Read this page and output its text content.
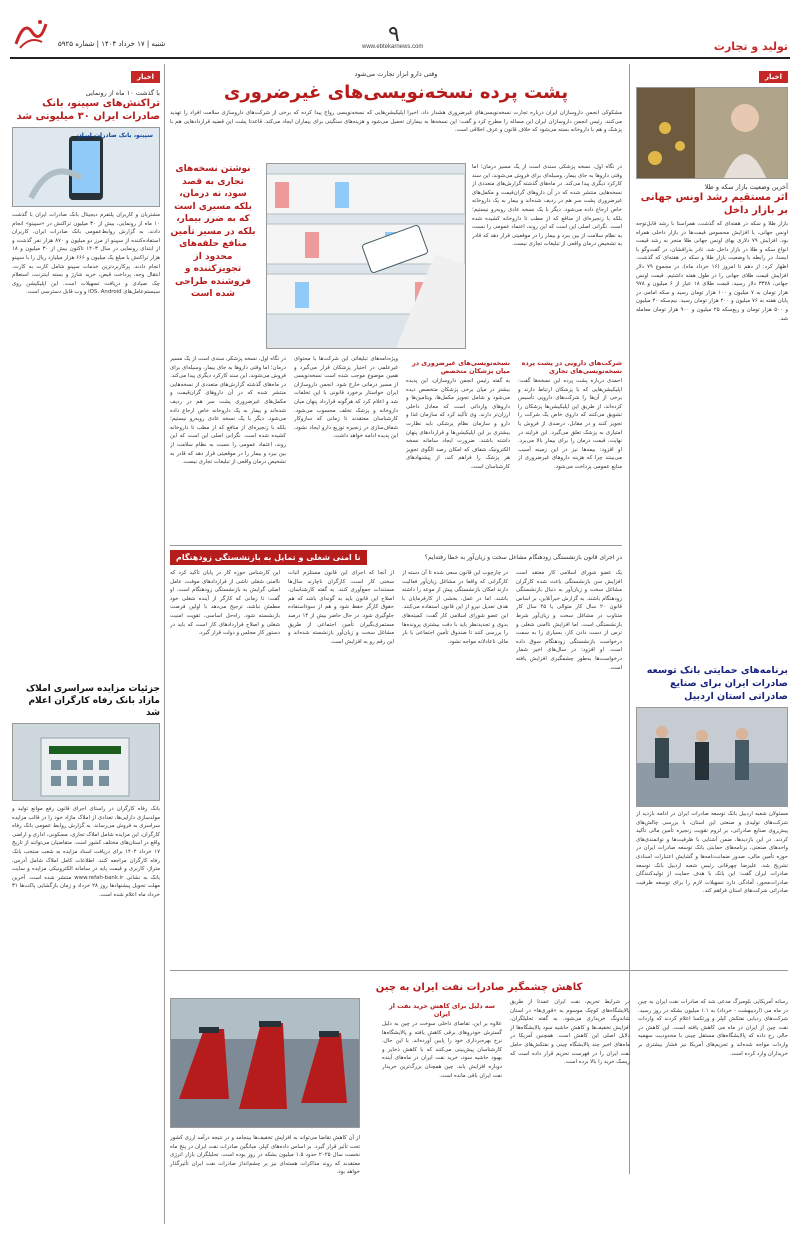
شنبه | ۱۷ خرداد ۱۴۰۴ | شماره ۵۹۲۵	۹
www.ebtekarnews.com	تولید و تجارت
اخبار
آخرین وضعیت بازار سکه و طلا
اثر مستقیم رشد اونس جهانی بر بازار داخل
بازار طلا و سکه در هفته‌ای که گذشت، همراستا با رشد قابل‌توجه اونس جهانی، با افزایش محسوس قیمت‌ها در بازار داخلی همراه بود. افزایش ۷۹ دلاری بهای اونس جهانی طلا منجر به رشد قیمت انواع سکه و طلا در بازار داخل شد. نادر بذرافشان، در گفت‌وگو با ایسنا، در رابطه با وضعیت بازار طلا و سکه در هفته‌ای که گذشت، اظهار کرد: از دهم تا امروز (۱۶ خرداد ماه)، در مجموع ۷۹ دلار افزایش قیمت طلای جهانی را در طول هفته داشتیم. قیمت اونس جهانی، ۳۳۷۸ دلار رسید. قیمت طلای ۱۸ عیار از ۶ میلیون و ۹۷۸ هزار تومان به ۷ میلیون و ۱۰۰ هزار تومان رسید و سکه امامی در پایان هفته به ۷۶ میلیون و ۴۰۰ هزار تومان رسید. نیم‌سکه ۴۰ میلیون و ۵۰۰ هزار تومان و ربع‌سکه ۲۵ میلیون و ۹۰۰ هزار تومان معامله شد.
برنامه‌های حمایتی بانک توسعه صادرات ایران برای صنایع صادراتی استان اردبیل
مسئولان شعبه اردبیل بانک توسعه صادرات ایران در ادامه بازدید از شرکت‌های تولیدی و صنعتی این استان، با بررسی چالش‌های پیش‌روی صنایع صادراتی، بر لزوم تقویت زنجیره تأمین مالی تأکید کردند. در این بازدیدها، ضمن آشنایی با ظرفیت‌ها و توانمندی‌های واحدهای صنعتی، برنامه‌های حمایتی بانک توسعه صادرات ایران در حوزه تأمین مالی، صدور ضمانت‌نامه‌ها و گشایش اعتبارات اسنادی تشریح شد. علیرضا چهرقانی رئیس شعبه اردبیل بانک توسعه صادرات ایران گفت: این بانک با هدف حمایت از تولیدکنندگان صادرات‌محور، آمادگی دارد تسهیلات لازم را برای توسعه ظرفیت صادراتی شرکت‌های استان فراهم کند.
اخبار
با گذشت ۱۰ ماه از رونمایی
تراکنش‌های سپینو، بانک صادرات ایران ۳۰ میلیونی شد
سپینو، بانک صادرات ایران
مشتریان و کاربران پلتفرم دیجیتال بانک صادرات ایران با گذشت ۱۰ ماه از رونمایی، بیش از ۳۰ میلیون تراکنش در «سپینو» انجام دادند. به گزارش روابط‌عمومی بانک صادرات ایران، کاربران استفاده‌کننده از سپینو از مرز دو میلیون و ۸۷۰ هزار نفر گذشت و از ابتدای رونمایی در سال ۱۴۰۳ تاکنون بیش از ۳۰ میلیون و ۱۸ هزار تراکنش با مبلغ یک میلیون و ۶۶۶ هزار میلیارد ریال را با سپینو انجام دادند. پرکاربردترین خدمات سپینو شامل کارت به کارت، انتقال وجه، پرداخت قبض، خرید شارژ و بسته اینترنت، استعلام چک صیادی و دریافت تسهیلات است. این اپلیکیشن روی سیستم‌عامل‌های iOS، Android و وب قابل دسترسی است.
جزئیات مزایده سراسری املاک مازاد بانک رفاه کارگران اعلام شد
بانک رفاه کارگران در راستای اجرای قانون رفع موانع تولید و مولدسازی دارایی‌ها، تعدادی از املاک مازاد خود را در قالب مزایده سراسری به فروش می‌رساند. به گزارش روابط عمومی بانک رفاه کارگران، این مزایده شامل املاک تجاری، مسکونی، اداری و اراضی واقع در استان‌های مختلف کشور است. متقاضیان می‌توانند از تاریخ ۱۷ خرداد ۱۴۰۴ برای دریافت اسناد مزایده به شعب منتخب بانک رفاه کارگران مراجعه کنند. اطلاعات کامل املاک شامل آدرس، متراژ، کاربری و قیمت پایه در سامانه الکترونیکی مزایده و سایت بانک به نشانی www.refah-bank.ir منتشر شده است. آخرین مهلت تحویل پیشنهادها روز ۲۸ خرداد و زمان بازگشایی پاکت‌ها ۳۱ خرداد ماه اعلام شده است.
وقتی دارو ابزار تجارت می‌شود
پشت پرده نسخه‌نویسی‌های غیرضروری
مشکوکی انجمن داروسازان ایران درباره تجارت نسخه‌نویسی‌های غیرضروری هشدار داد. اخیرا اپلیکیشن‌هایی که نسخه‌نویسی رواج پیدا کرده که برخی از شرکت‌های داروسازی سلامت افراد را تهدید می‌کنند. رئیس انجمن داروسازان ایران این مساله را مطرح کرد و گفت: این نسخه‌ها به بیماران تحمیل می‌شود و هزینه‌های سنگینی برای بیماران ایجاد می‌کند. قاعدتا پشت این قضیه قراردادهایی هم با پزشک و هم با داروخانه بسته می‌شود که خلاف قانون و عرف اخلاقی است.
در نگاه اول، نسخه پزشکی سندی است از یک مسیر درمان؛ اما وقتی داروها به جای بیمار، وسیله‌ای برای فروش می‌شوند، این سند کارکرد دیگری پیدا می‌کند. در ماه‌های گذشته گزارش‌های متعددی از نسخه‌هایی منتشر شده که در آن داروهای گران‌قیمت و مکمل‌های غیرضروری پشت سر هم در ردیف شده‌اند و بیمار به یک داروخانه خاص ارجاع داده می‌شود. دیگر با یک نسخه عادی روبه‌رو نیستیم؛ بلکه با زنجیره‌ای از منافع که از مطب تا داروخانه کشیده شده است. نگرانی اصلی این است که این روند، اعتماد عمومی را نسبت به نظام سلامت از بین ببرد و بیمار را در موقعیتی قرار دهد که قادر به تشخیص درمان واقعی از تبلیغات تجاری نیست.
نوشتن نسخه‌های تجاری به قصد سود، نه درمان، بلکه مسیری است که به ضرر بیمار، بلکه در مسیر تأمین منافع حلقه‌های محدود از تجویزکننده و فروشنده طراحی شده است
شرکت‌های دارویی در پشت پرده نسخه‌نویسی‌های تجاری
احمدی درباره پشت پرده این نسخه‌ها گفت: اپلیکیشن‌هایی که با پزشکان ارتباط دارند و برخی از آن‌ها را شرکت‌های دارویی تأسیس کرده‌اند، از طریق این اپلیکیشن‌ها پزشکان را تشویق می‌کنند که داروی خاص یک شرکت را تجویز کنند و در مقابل، درصدی از فروش یا امتیازی به پزشک تعلق می‌گیرد. این فرایند در نهایت، قیمت درمان را برای بیمار بالا می‌برد. او افزود: بیمه‌ها نیز در این زمینه آسیب می‌بینند چرا که هزینه داروهای غیرضروری از منابع عمومی پرداخت می‌شود.
نسخه‌نویسی‌های غیرضروری در میان پزشکان متخصص
به گفته رئیس انجمن داروسازان، این پدیده بیشتر در میان برخی پزشکان متخصص دیده می‌شود و شامل تجویز مکمل‌ها، ویتامین‌ها و داروهای وارداتی است که معادل داخلی ارزان‌تر دارند. وی تأکید کرد که سازمان غذا و دارو و سازمان نظام پزشکی باید نظارت بیشتری بر این اپلیکیشن‌ها و قراردادهای پنهان داشته باشند. ضرورت ایجاد سامانه نسخه الکترونیک شفاف که امکان رصد الگوی تجویز هر پزشک را فراهم کند، از پیشنهادهای کارشناسان است.
ویژه‌نامه‌های تبلیغاتی این شرکت‌ها با محتوای غیرعلمی در اختیار پزشکان قرار می‌گیرد و همین موضوع موجب شده است نسخه‌نویسی از مسیر درمانی خارج شود. انجمن داروسازان ایران خواستار برخورد قانونی با این تخلفات شد و اعلام کرد که هرگونه قرارداد پنهان میان داروخانه و پزشک تخلف محسوب می‌شود. کارشناسان معتقدند تا زمانی که سازوکار شفاف‌سازی در زنجیره توزیع دارو ایجاد نشود، این پدیده ادامه خواهد داشت.
در نگاه اول، نسخه پزشکی سندی است از یک مسیر درمان؛ اما وقتی داروها به جای بیمار، وسیله‌ای برای فروش می‌شوند، این سند کارکرد دیگری پیدا می‌کند. در ماه‌های گذشته گزارش‌های متعددی از نسخه‌هایی منتشر شده که در آن داروهای گران‌قیمت و مکمل‌های غیرضروری پشت سر هم در ردیف شده‌اند و بیمار به یک داروخانه خاص ارجاع داده می‌شود. دیگر با یک نسخه عادی روبه‌رو نیستیم؛ بلکه با زنجیره‌ای از منافع که از مطب تا داروخانه کشیده شده است. نگرانی اصلی این است که این روند، اعتماد عمومی را نسبت به نظام سلامت از بین ببرد و بیمار را در موقعیتی قرار دهد که قادر به تشخیص درمان واقعی از تبلیغات تجاری نیست.
در اجرای قانون بازنشستگی زودهنگام مشاغل سخت و زیان‌آور به خطا رفته‌ایم؟
نا امنی شغلی و تمایل به بازنشستگی زودهنگام
یک عضو شورای اسلامی کار معتقد است افزایش سن بازنشستگی باعث شده کارگران مشاغل سخت و زیان‌آور به دنبال بازنشستگی زودهنگام باشند. به گزارش خبرآنلاین، بر اساس قانون ۲۰ سال کار متوالی یا ۲۵ سال کار متناوب در مشاغل سخت و زیان‌آور شرط بازنشستگی است. اما افزایش ناامنی شغلی و ترس از دست دادن کار، بسیاری را به سمت درخواست بازنشستگی زودهنگام سوق داده است. او افزود: در سال‌های اخیر شمار درخواست‌ها به‌طور چشمگیری افزایش یافته است.
در چارچوب این قانون سعی شده تا آن دسته از کارگرانی که واقعا در مشاغل زیان‌آور فعالیت دارند امکان بازنشستگی پیش از موعد را داشته باشند. اما در عمل، بخشی از کارفرمایان با هدف تعدیل نیرو از این قانون استفاده می‌کنند. این عضو شورای اسلامی کار گفت: کمیته‌های بدوی و تجدیدنظر باید با دقت بیشتری پرونده‌ها را بررسی کنند تا صندوق تأمین اجتماعی با بار مالی ناعادلانه مواجه نشود.
از آنجا که اجرای این قانون مستلزم اثبات سختی کار است، کارگران ناچارند سال‌ها مستندات جمع‌آوری کنند. به گفته کارشناسان، اصلاح این قانون باید به گونه‌ای باشد که هم حقوق کارگر حفظ شود و هم از سوءاستفاده جلوگیری شود. در حال حاضر بیش از ۱۴ درصد مستمری‌بگیران تأمین اجتماعی از طریق مشاغل سخت و زیان‌آور بازنشسته شده‌اند و این رقم رو به افزایش است.
این کارشناس حوزه کار در پایان تأکید کرد که ناامنی شغلی ناشی از قراردادهای موقت، عامل اصلی گرایش به بازنشستگی زودهنگام است. او گفت: تا زمانی که کارگر از آینده شغلی خود مطمئن نباشد، ترجیح می‌دهد با اولین فرصت بازنشسته شود. راه‌حل اساسی، تقویت امنیت شغلی و اصلاح قراردادهای کار است که باید در دستور کار مجلس و دولت قرار گیرد.
کاهش چشمگیر صادرات نفت ایران به چین
رسانه آمریکایی بلومبرگ مدعی شد که صادرات نفت ایران به چین در ماه می (اردیبهشت - خرداد) به ۱.۱ میلیون بشکه در روز رسید. شرکت‌های ردیابی نفتکش کپلر و ورتکسا اعلام کردند که واردات نفت چین از ایران در ماه می کاهش یافته است. این کاهش در حالی رخ داده که پالایشگاه‌های مستقل چینی با محدودیت سهمیه واردات مواجه شده‌اند و تحریم‌های آمریکا نیز فشار بیشتری بر خریداران وارد کرده است.
در شرایط تحریم، نفت ایران عمدتا از طریق پالایشگاه‌های کوچک موسوم به «قوری‌ها» در استان شاندونگ خریداری می‌شود. به گفته تحلیلگران، افزایش تخفیف‌ها و کاهش حاشیه سود پالایشگاه‌ها از دلایل اصلی این کاهش است. همچنین آمریکا در ماه‌های اخیر چند پالایشگاه چینی و نفتکش‌های حامل نفت ایران را در فهرست تحریم قرار داده است که ریسک خرید را بالا برده است.
سه دلیل برای کاهش خرید نفت از ایران
علاوه بر این، تقاضای داخلی سوخت در چین به دلیل گسترش خودروهای برقی کاهش یافته و پالایشگاه‌ها نرخ بهره‌برداری خود را پایین آورده‌اند. با این حال، کارشناسان پیش‌بینی می‌کنند که با کاهش ذخایر و بهبود حاشیه سود، خرید نفت ایران در ماه‌های آینده دوباره افزایش یابد. چین همچنان بزرگ‌ترین خریدار نفت ایران باقی مانده است.
از آن کاهش تقاضا می‌تواند به افزایش تخفیف‌ها بینجامد و در نتیجه درآمد ارزی کشور تحت تأثیر قرار گیرد. بر اساس داده‌های کپلر، میانگین صادرات نفت ایران در پنج ماه نخست سال ۲۰۲۵ حدود ۱.۵ میلیون بشکه در روز بوده است. تحلیلگران بازار انرژی معتقدند که روند مذاکرات هسته‌ای نیز بر چشم‌انداز صادرات نفت ایران تأثیرگذار خواهد بود.
